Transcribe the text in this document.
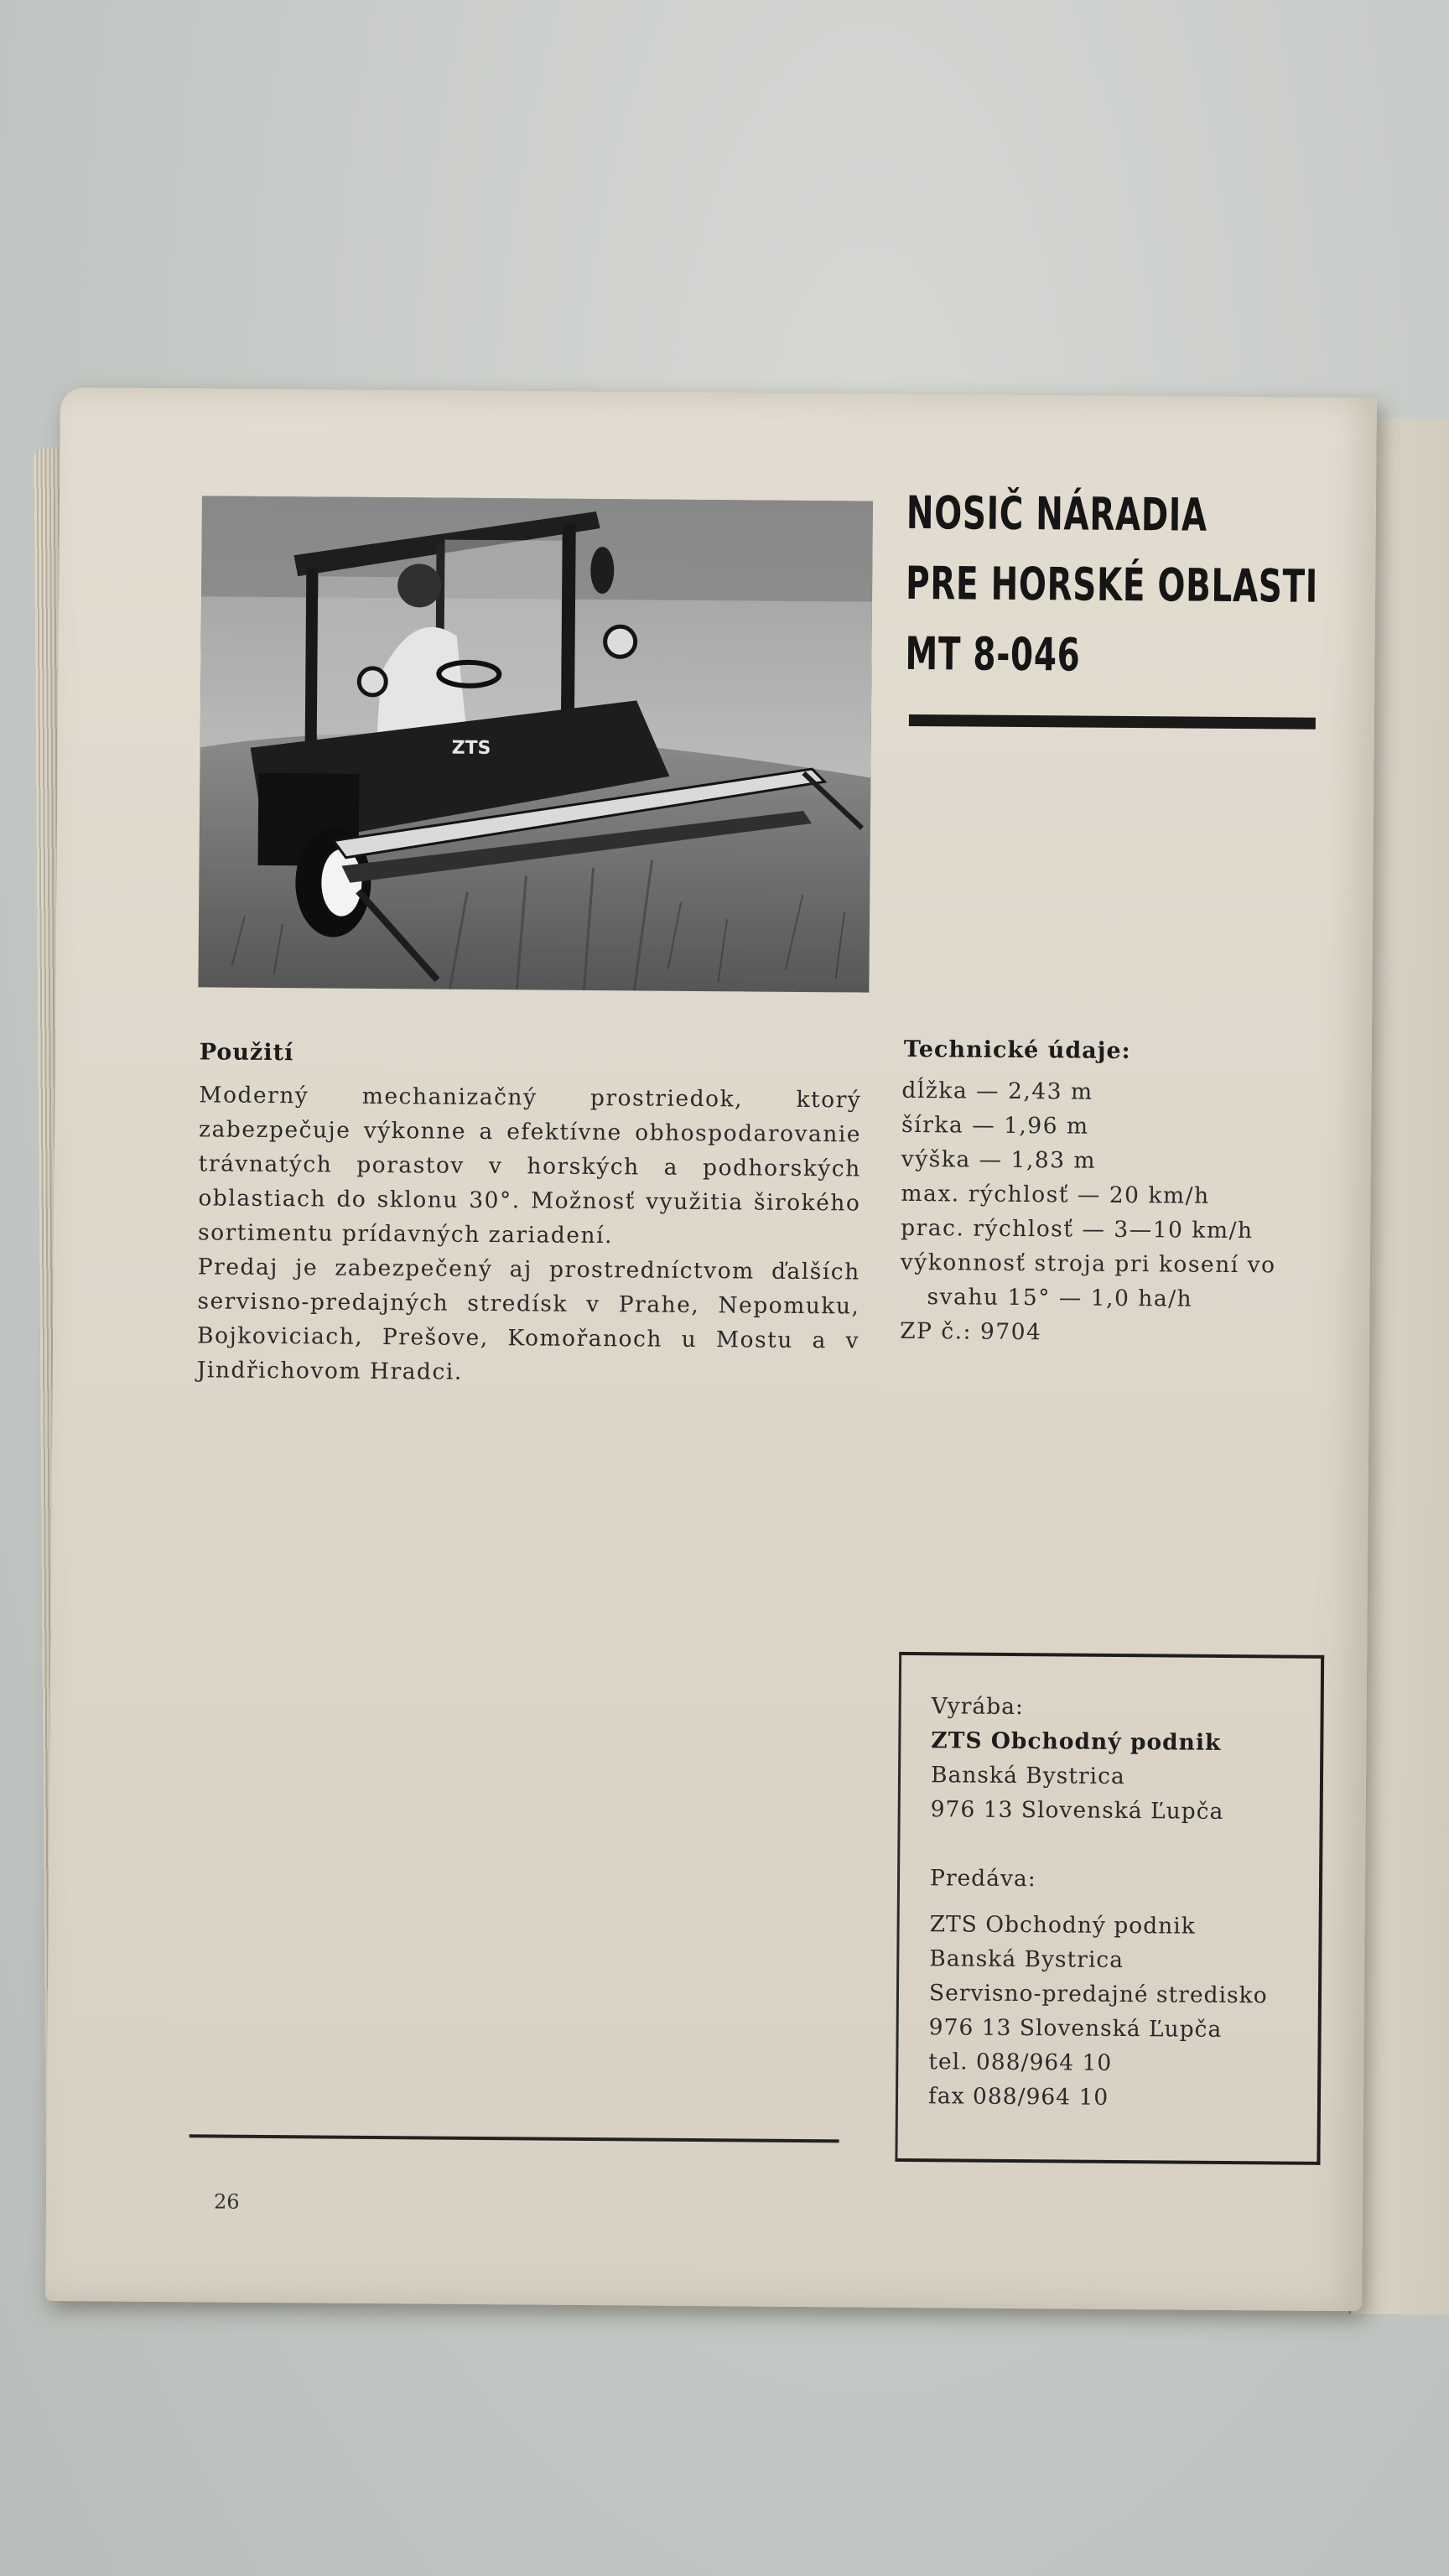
ZTS
NOSIČ NÁRADIA
PRE HORSKÉ OBLASTI
MT 8-046
Použití

Moderný mechanizačný prostriedok, ktorý zabezpečuje výkonne a efektívne obhospodarovanie trávnatých porastov v horských a podhorských oblastiach do sklonu 30°. Možnosť využitia širokého sortimentu prídavných zariadení.

Predaj je zabezpečený aj prostredníctvom ďalších servisno-predajných stredísk v Prahe, Nepomuku, Bojkoviciach, Prešove, Komořanoch u Mostu a v Jindřichovom Hradci.

Technické údaje:
dĺžka — 2,43 m
šírka — 1,96 m
výška — 1,83 m
max. rýchlosť — 20 km/h
prac. rýchlosť — 3—10 km/h
výkonnosť stroja pri kosení vo
svahu 15° — 1,0 ha/h
ZP č.: 9704
Vyrába:
ZTS Obchodný podnik
Banská Bystrica
976 13 Slovenská Ľupča
Predáva:
ZTS Obchodný podnik
Banská Bystrica
Servisno-predajné stredisko
976 13 Slovenská Ľupča
tel. 088/964 10
fax 088/964 10
26
